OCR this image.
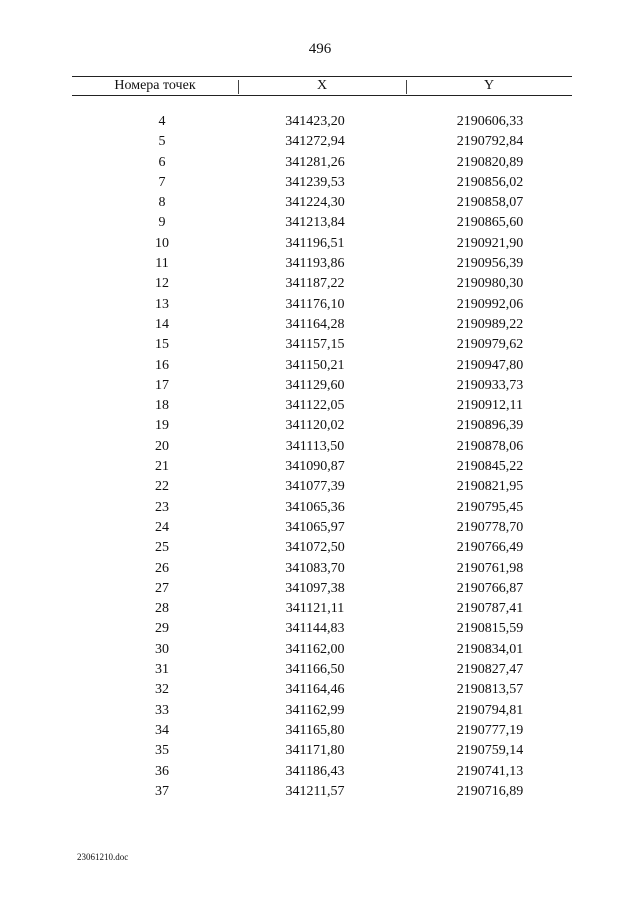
496
Номера точек	X	Y
4	341423,20	2190606,33
5	341272,94	2190792,84
6	341281,26	2190820,89
7	341239,53	2190856,02
8	341224,30	2190858,07
9	341213,84	2190865,60
10	341196,51	2190921,90
11	341193,86	2190956,39
12	341187,22	2190980,30
13	341176,10	2190992,06
14	341164,28	2190989,22
15	341157,15	2190979,62
16	341150,21	2190947,80
17	341129,60	2190933,73
18	341122,05	2190912,11
19	341120,02	2190896,39
20	341113,50	2190878,06
21	341090,87	2190845,22
22	341077,39	2190821,95
23	341065,36	2190795,45
24	341065,97	2190778,70
25	341072,50	2190766,49
26	341083,70	2190761,98
27	341097,38	2190766,87
28	341121,11	2190787,41
29	341144,83	2190815,59
30	341162,00	2190834,01
31	341166,50	2190827,47
32	341164,46	2190813,57
33	341162,99	2190794,81
34	341165,80	2190777,19
35	341171,80	2190759,14
36	341186,43	2190741,13
37	341211,57	2190716,89
23061210.doc
